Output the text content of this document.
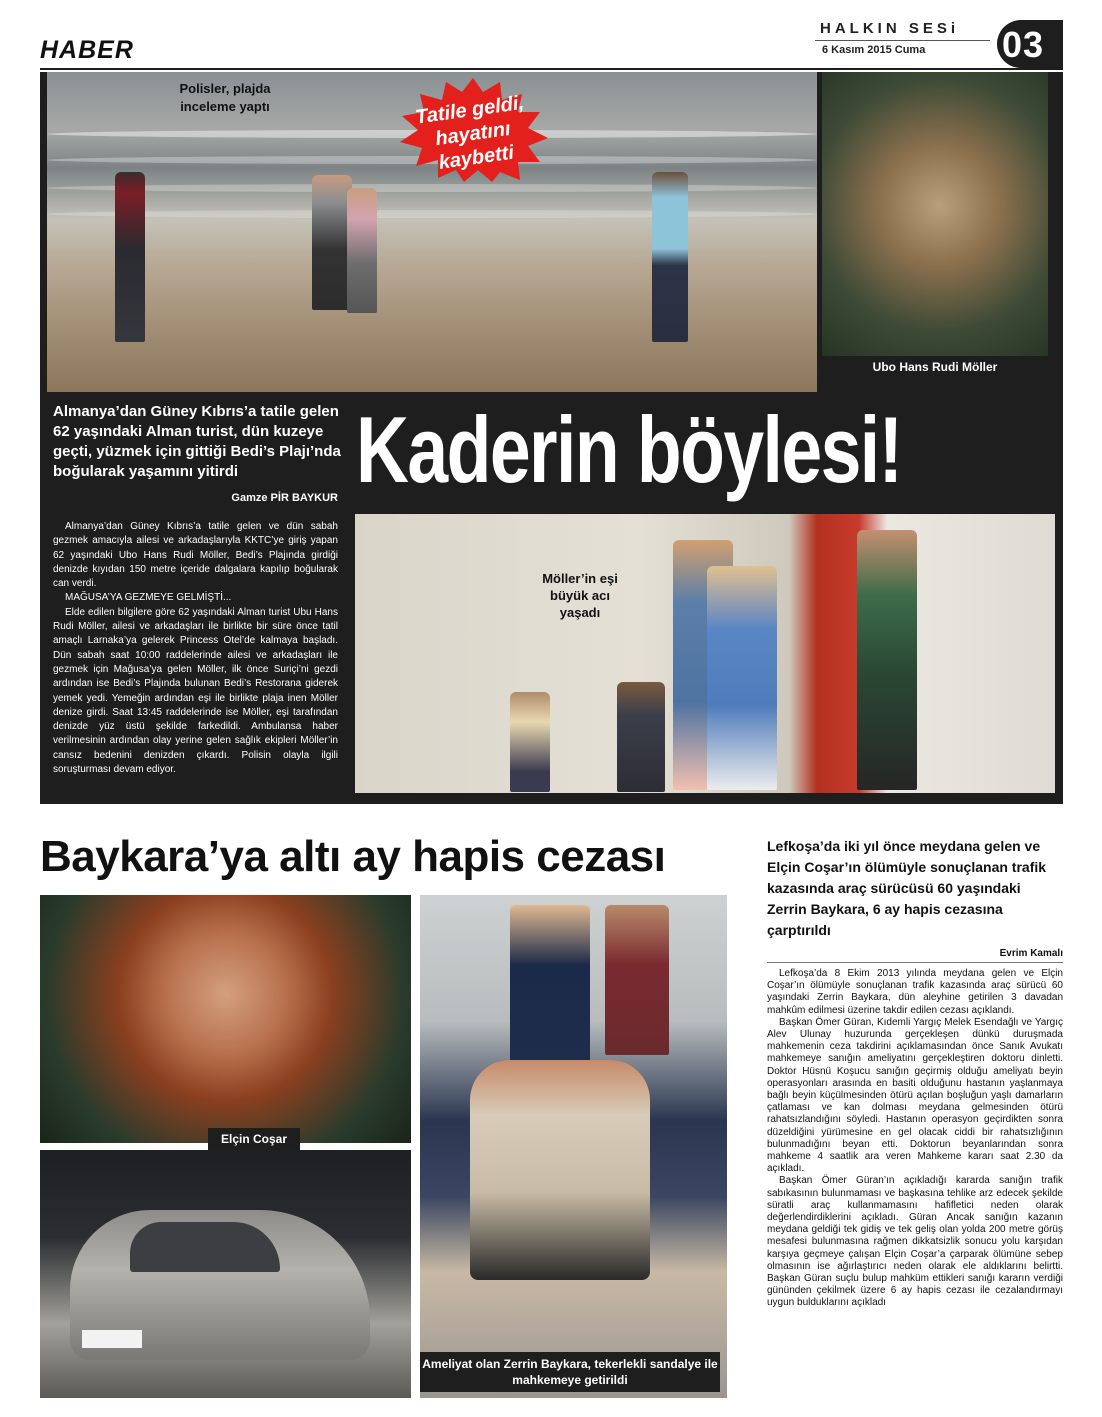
HABER
HALKIN SESi
6 Kasım 2015 Cuma 03
Polisler, plajda inceleme yaptı	Tatile geldi, hayatını kaybetti
Ubo Hans Rudi Möller
Almanya’dan Güney Kıbrıs’a tatile gelen 62 yaşındaki Alman turist, dün kuzeye geçti, yüzmek için gittiği Bedi’s Plajı’nda boğularak yaşamını yitirdi
Gamze PİR BAYKUR Kaderin böylesi!

Almanya’dan Güney Kıbrıs’a tatile gelen ve dün sabah gezmek amacıyla ailesi ve arkadaşlarıyla KKTC’ye giriş yapan 62 yaşındaki Ubo Hans Rudi Möller, Bedi’s Plajında girdiği denizde kıyıdan 150 metre içeride dalgalara kapılıp boğularak can verdi.

MAĞUSA’YA GEZMEYE GELMİŞTİ...

Elde edilen bilgilere göre 62 yaşındaki Alman turist Ubu Hans Rudi Möller, ailesi ve arkadaşları ile birlikte bir süre önce tatil amaçlı Larnaka’ya gelerek Princess Otel’de kalmaya başladı. Dün sabah saat 10:00 raddelerinde ailesi ve arkadaşları ile gezmek için Mağusa’ya gelen Möller, ilk önce Suriçi’ni gezdi ardından ise Bedi’s Plajında bulunan Bedi’s Restorana giderek yemek yedi. Yemeğin ardından eşi ile birlikte plaja inen Möller denize girdi. Saat 13:45 raddelerinde ise Möller, eşi tarafından denizde yüz üstü şekilde farkedildi. Ambulansa haber verilmesinin ardından olay yerine gelen sağlık ekipleri Möller’in cansız bedenini denizden çıkardı. Polisin olayla ilgili soruşturması devam ediyor.

Möller’in eşi büyük acı yaşadı
Baykara’ya altı ay hapis cezası	Lefkoşa’da iki yıl önce meydana gelen ve Elçin Coşar’ın ölümüyle sonuçlanan trafik kazasında araç sürücüsü 60 yaşındaki Zerrin Baykara, 6 ay hapis cezasına çarptırıldı
Evrim Kamalı

Lefkoşa’da 8 Ekim 2013 yılında meydana gelen ve Elçin Coşar’ın ölümüyle sonuçlanan trafik kazasında araç sürücü 60 yaşındaki Zerrin Baykara, dün aleyhine getirilen 3 davadan mahkûm edilmesi üzerine takdir edilen cezası açıklandı.

Başkan Ömer Güran, Kıdemli Yargıç Melek Esendağlı ve Yargıç Alev Ulunay huzurunda gerçekleşen dünkü duruşmada mahkemenin ceza takdirini açıklamasından önce Sanık Avukatı mahkemeye sanığın ameliyatını gerçekleştiren doktoru dinletti. Doktor Hüsnü Koşucu sanığın geçirmiş olduğu ameliyatı beyin operasyonları arasında en basiti olduğunu hastanın yaşlanmaya bağlı beyin küçülmesinden ötürü açılan boşluğun yaşlı damarların çatlaması ve kan dolması meydana gelmesinden ötürü rahatsızlandığını söyledi. Hastanın operasyon geçirdikten sonra düzeldiğini yürümesine en gel olacak ciddi bir rahatsızlığının bulunmadığını beyan etti. Doktorun beyanlarından sonra mahkeme 4 saatlik ara veren Mahkeme kararı saat 2.30 da açıkladı.

Başkan Ömer Güran’ın açıkladığı kararda sanığın trafik sabıkasının bulunmaması ve başkasına tehlike arz edecek şekilde süratli araç kullanmamasını hafifletici neden olarak değerlendirdiklerini açıkladı. Güran Ancak sanığın kazanın meydana geldiği tek gidiş ve tek geliş olan yolda 200 metre görüş mesafesi bulunmasına rağmen dikkatsizlik sonucu yolu karşıdan karşıya geçmeye çalışan Elçin Coşar’a çarparak ölümüne sebep olmasının ise ağırlaştırıcı neden olarak ele aldıklarını belirtti. Başkan Güran suçlu bulup mahküm ettikleri sanığı kararın verdiği gününden çekilmek üzere 6 ay hapis cezası ile cezalandırmayı uygun bulduklarını açıkladı

Elçin Coşar
Ameliyat olan Zerrin Baykara, tekerlekli sandalye ile mahkemeye getirildi
